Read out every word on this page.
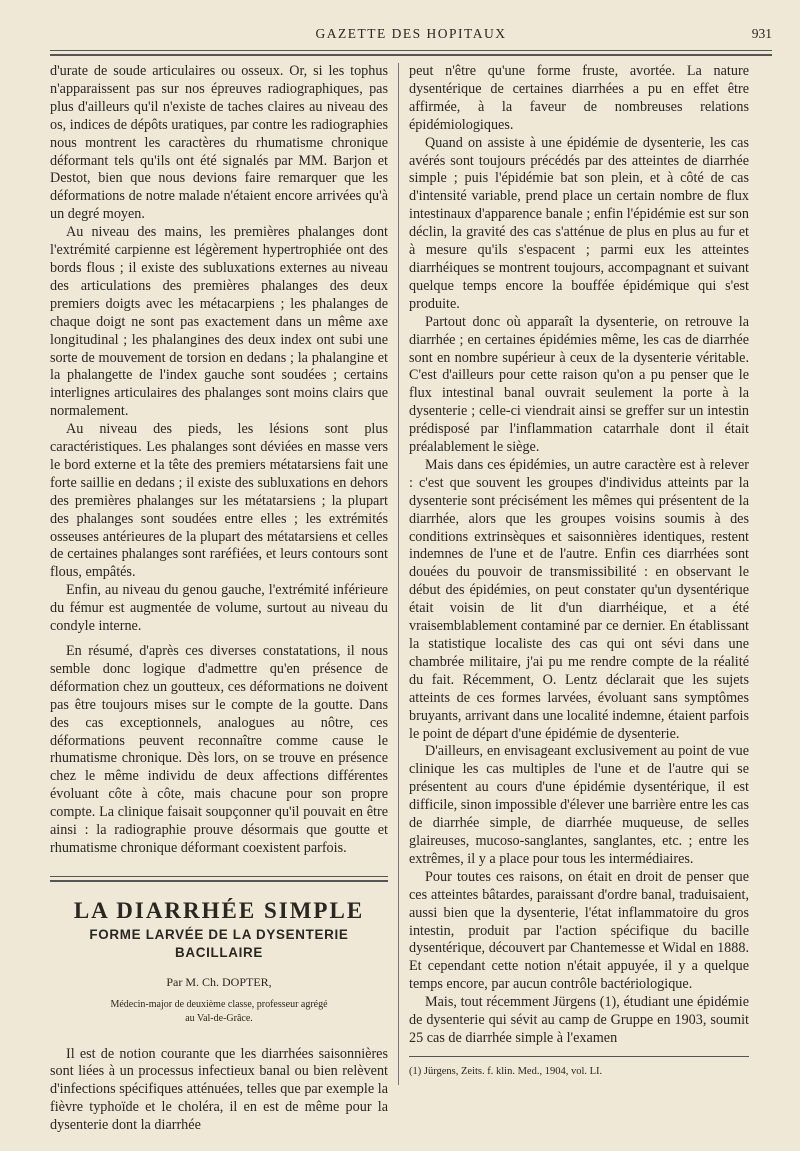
GAZETTE DES HOPITAUX	931

d'urate de soude articulaires ou osseux. Or, si les tophus n'apparaissent pas sur nos épreuves radiographiques, pas plus d'ailleurs qu'il n'existe de taches claires au niveau des os, indices de dépôts uratiques, par contre les radiographies nous montrent les caractères du rhumatisme chronique déformant tels qu'ils ont été signalés par MM. Barjon et Destot, bien que nous devions faire remarquer que les déformations de notre malade n'étaient encore arrivées qu'à un degré moyen.

Au niveau des mains, les premières phalanges dont l'extrémité carpienne est légèrement hypertrophiée ont des bords flous ; il existe des subluxations externes au niveau des articulations des premières phalanges des deux premiers doigts avec les métacarpiens ; les phalanges de chaque doigt ne sont pas exactement dans un même axe longitudinal ; les phalangines des deux index ont subi une sorte de mouvement de torsion en dedans ; la phalangine et la phalangette de l'index gauche sont soudées ; certains interlignes articulaires des phalanges sont moins clairs que normalement.

Au niveau des pieds, les lésions sont plus caractéristiques. Les phalanges sont déviées en masse vers le bord externe et la tête des premiers métatarsiens fait une forte saillie en dedans ; il existe des subluxations en dehors des premières phalanges sur les métatarsiens ; la plupart des phalanges sont soudées entre elles ; les extrémités osseuses antérieures de la plupart des métatarsiens et celles de certaines phalanges sont raréfiées, et leurs contours sont flous, empâtés.

Enfin, au niveau du genou gauche, l'extrémité inférieure du fémur est augmentée de volume, surtout au niveau du condyle interne.

En résumé, d'après ces diverses constatations, il nous semble donc logique d'admettre qu'en présence de déformation chez un goutteux, ces déformations ne doivent pas être toujours mises sur le compte de la goutte. Dans des cas exceptionnels, analogues au nôtre, ces déformations peuvent reconnaître comme cause le rhumatisme chronique. Dès lors, on se trouve en présence chez le même individu de deux affections différentes évoluant côte à côte, mais chacune pour son propre compte. La clinique faisait soupçonner qu'il pouvait en être ainsi : la radiographie prouve désormais que goutte et rhumatisme chronique déformant coexistent parfois.

LA DIARRHÉE SIMPLE
FORME LARVÉE DE LA DYSENTERIE BACILLAIRE
Par M. Ch. DOPTER,
Médecin-major de deuxième classe, professeur agrégé
au Val-de-Grâce.

Il est de notion courante que les diarrhées saisonnières sont liées à un processus infectieux banal ou bien relèvent d'infections spécifiques atténuées, telles que par exemple la fièvre typhoïde et le choléra, il en est de même pour la dysenterie dont la diarrhée

peut n'être qu'une forme fruste, avortée. La nature dysentérique de certaines diarrhées a pu en effet être affirmée, à la faveur de nombreuses relations épidémiologiques.

Quand on assiste à une épidémie de dysenterie, les cas avérés sont toujours précédés par des atteintes de diarrhée simple ; puis l'épidémie bat son plein, et à côté de cas d'intensité variable, prend place un certain nombre de flux intestinaux d'apparence banale ; enfin l'épidémie est sur son déclin, la gravité des cas s'atténue de plus en plus au fur et à mesure qu'ils s'espacent ; parmi eux les atteintes diarrhéiques se montrent toujours, accompagnant et suivant quelque temps encore la bouffée épidémique qui s'est produite.

Partout donc où apparaît la dysenterie, on retrouve la diarrhée ; en certaines épidémies même, les cas de diarrhée sont en nombre supérieur à ceux de la dysenterie véritable. C'est d'ailleurs pour cette raison qu'on a pu penser que le flux intestinal banal ouvrait seulement la porte à la dysenterie ; celle-ci viendrait ainsi se greffer sur un intestin prédisposé par l'inflammation catarrhale dont il était préalablement le siège.

Mais dans ces épidémies, un autre caractère est à relever : c'est que souvent les groupes d'individus atteints par la dysenterie sont précisément les mêmes qui présentent de la diarrhée, alors que les groupes voisins soumis à des conditions extrinsèques et saisonnières identiques, restent indemnes de l'une et de l'autre. Enfin ces diarrhées sont douées du pouvoir de transmissibilité : en observant le début des épidémies, on peut constater qu'un dysentérique était voisin de lit d'un diarrhéique, et a été vraisemblablement contaminé par ce dernier. En établissant la statistique localiste des cas qui ont sévi dans une chambrée militaire, j'ai pu me rendre compte de la réalité du fait. Récemment, O. Lentz déclarait que les sujets atteints de ces formes larvées, évoluant sans symptômes bruyants, arrivant dans une localité indemne, étaient parfois le point de départ d'une épidémie de dysenterie.

D'ailleurs, en envisageant exclusivement au point de vue clinique les cas multiples de l'une et de l'autre qui se présentent au cours d'une épidémie dysentérique, il est difficile, sinon impossible d'élever une barrière entre les cas de diarrhée simple, de diarrhée muqueuse, de selles glaireuses, mucoso-sanglantes, sanglantes, etc. ; entre les extrêmes, il y a place pour tous les intermédiaires.

Pour toutes ces raisons, on était en droit de penser que ces atteintes bâtardes, paraissant d'ordre banal, traduisaient, aussi bien que la dysenterie, l'état inflammatoire du gros intestin, produit par l'action spécifique du bacille dysentérique, découvert par Chantemesse et Widal en 1888. Et cependant cette notion n'était appuyée, il y a quelque temps encore, par aucun contrôle bactériologique.

Mais, tout récemment Jürgens (1), étudiant une épidémie de dysenterie qui sévit au camp de Gruppe en 1903, soumit 25 cas de diarrhée simple à l'examen

(1) Jürgens, Zeits. f. klin. Med., 1904, vol. LI.
